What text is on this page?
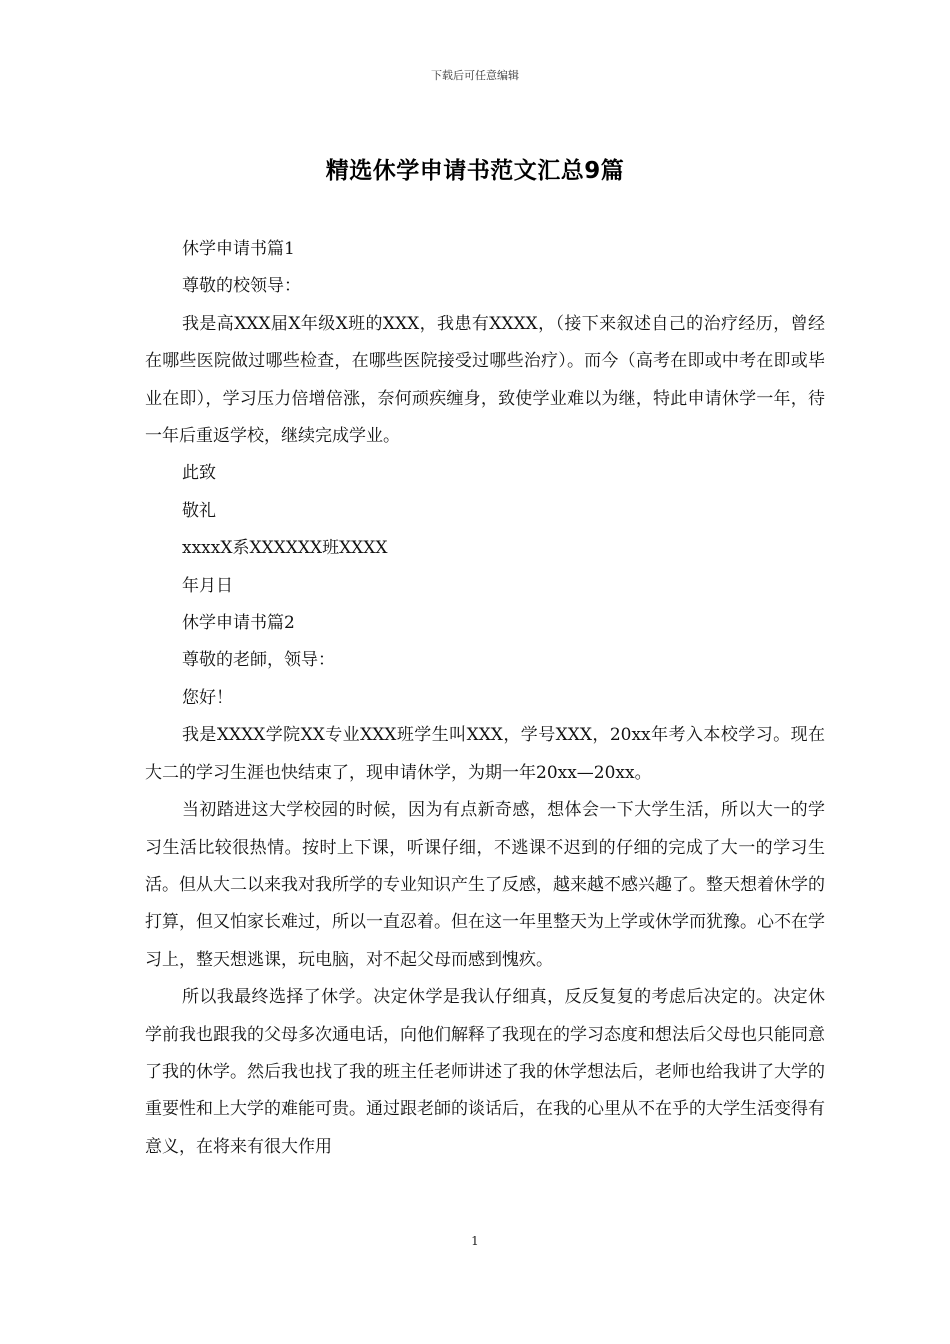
下载后可任意编辑
精选休学申请书范文汇总9篇

休学申请书篇1

尊敬的校领导：

我是高XXX届X年级X班的XXX，我患有XXXX，（接下来叙述自己的治疗经历，曾经在哪些医院做过哪些检查，在哪些医院接受过哪些治疗）。而今（高考在即或中考在即或毕业在即），学习压力倍增倍涨，奈何顽疾缠身，致使学业难以为继，特此申请休学一年，待一年后重返学校，继续完成学业。

此致

敬礼

xxxxX系XXXXXX班XXXX

年月日

休学申请书篇2

尊敬的老師，领导：

您好！

我是XXXX学院XX专业XXX班学生叫XXX，学号XXX，20xx年考入本校学习。现在大二的学习生涯也快结束了，现申请休学，为期一年20xx—20xx。

当初踏进这大学校园的时候，因为有点新奇感，想体会一下大学生活，所以大一的学习生活比较很热情。按时上下课，听课仔细，不逃课不迟到的仔细的完成了大一的学习生活。但从大二以来我对我所学的专业知识产生了反感，越来越不感兴趣了。整天想着休学的打算，但又怕家长难过，所以一直忍着。但在这一年里整天为上学或休学而犹豫。心不在学习上，整天想逃课，玩电脑，对不起父母而感到愧疚。

所以我最终选择了休学。决定休学是我认仔细真，反反复复的考虑后决定的。决定休学前我也跟我的父母多次通电话，向他们解释了我现在的学习态度和想法后父母也只能同意了我的休学。然后我也找了我的班主任老师讲述了我的休学想法后，老师也给我讲了大学的重要性和上大学的难能可贵。通过跟老師的谈话后，在我的心里从不在乎的大学生活变得有意义，在将来有很大作用

1
